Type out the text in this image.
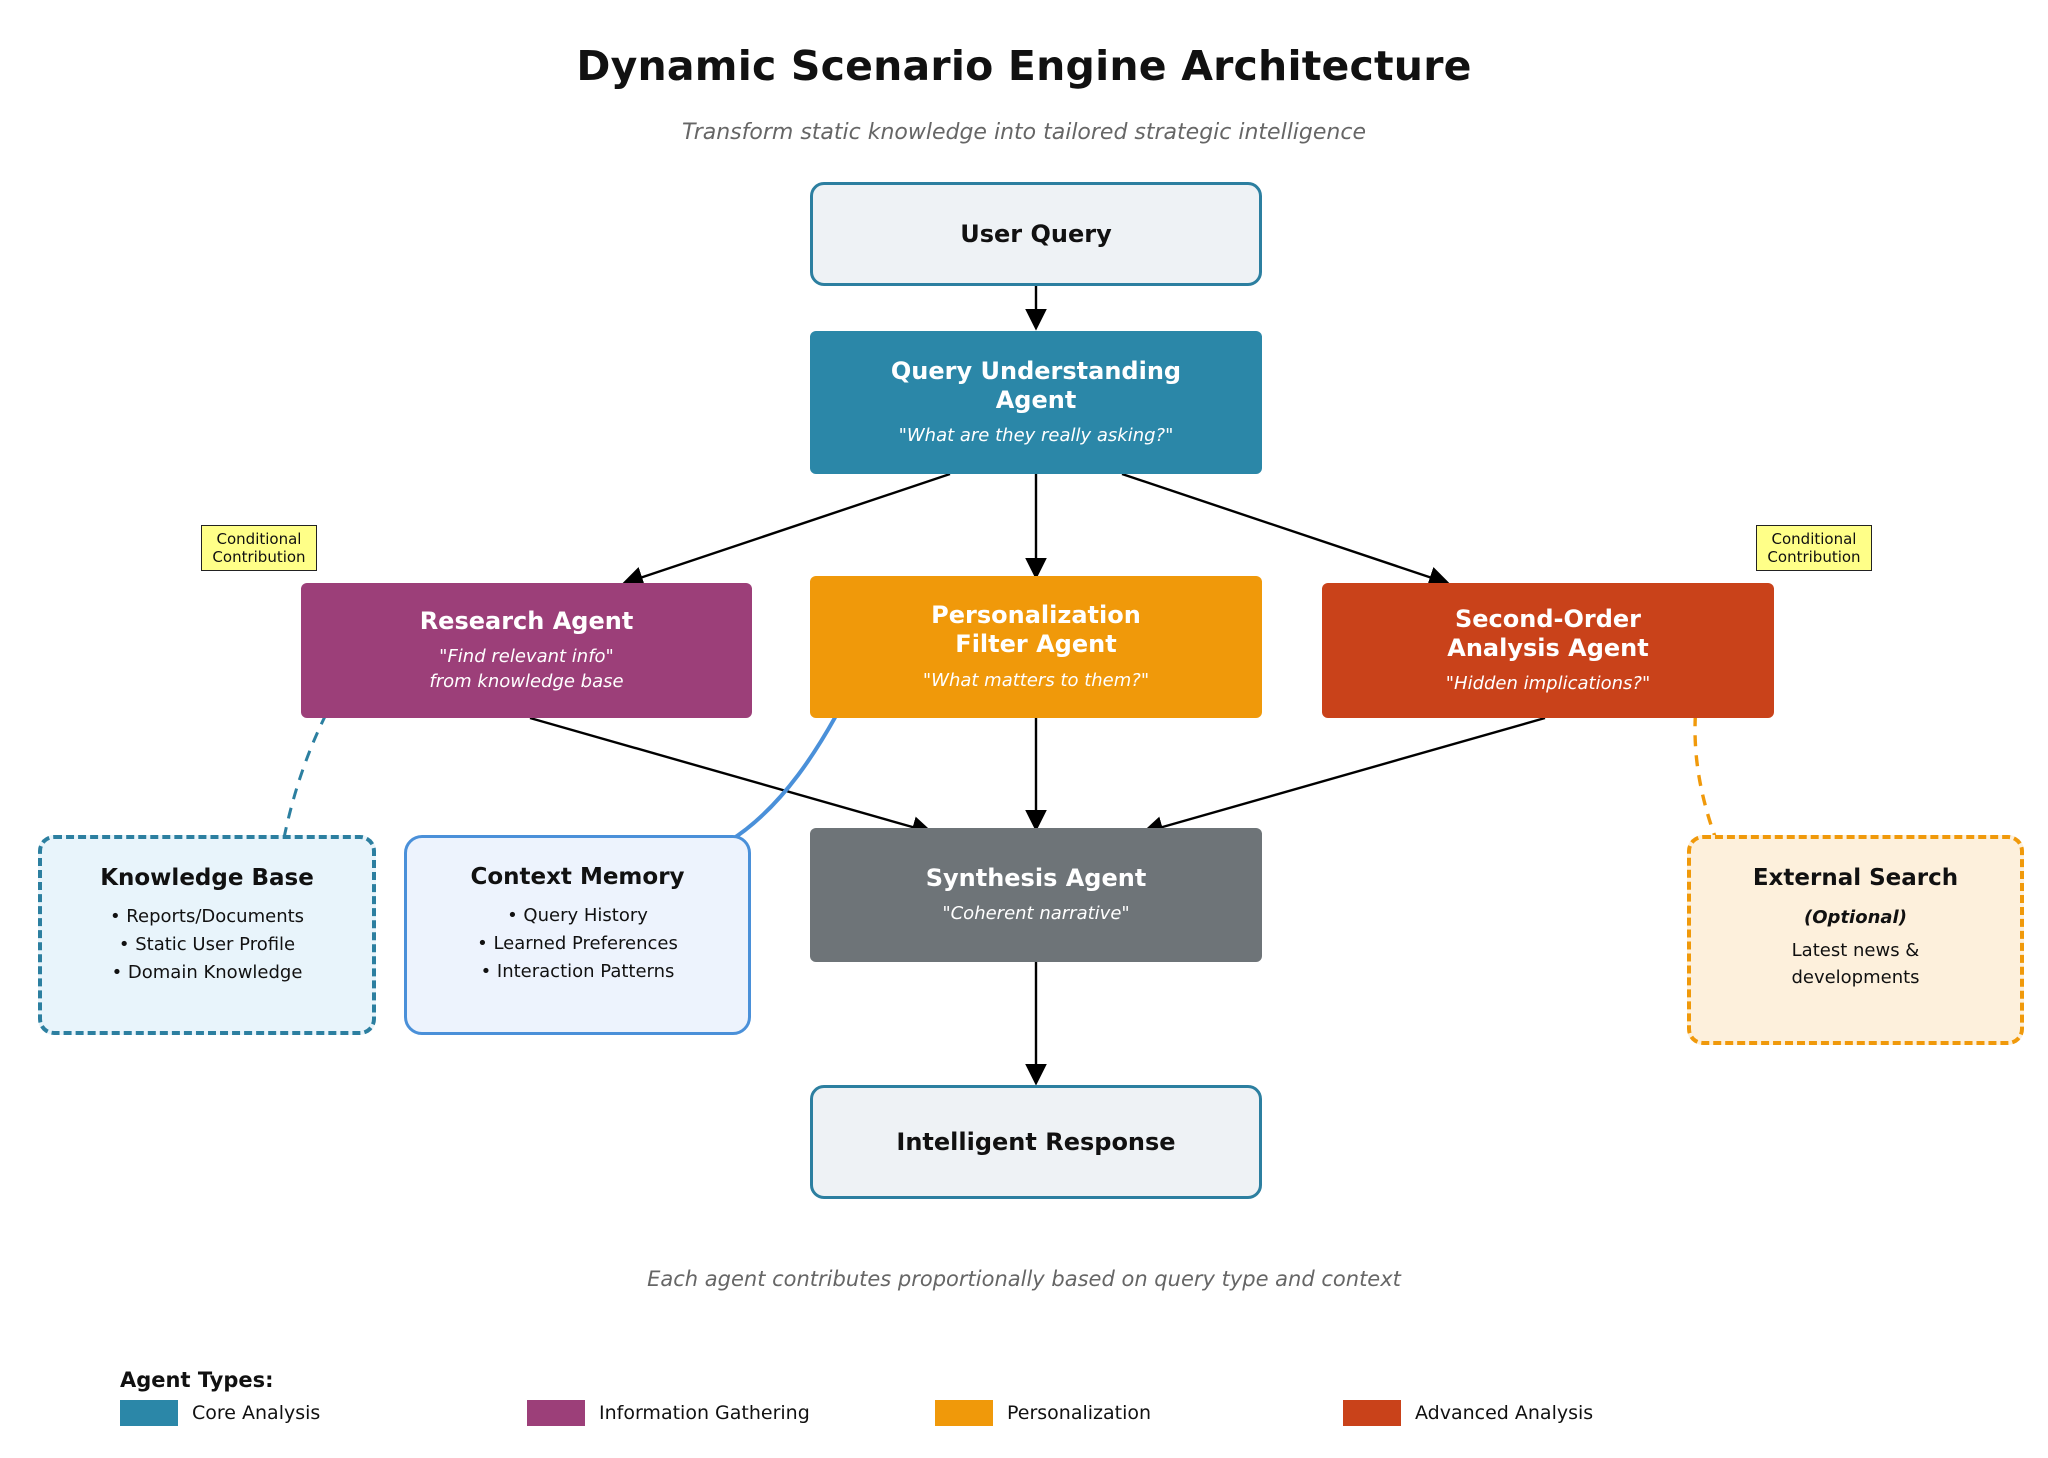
Dynamic Scenario Engine Architecture
Transform static knowledge into tailored strategic intelligence
User Query
Query Understanding
Agent
"What are they really asking?"
Research Agent
"Find relevant info"
from knowledge base
Personalization
Filter Agent
"What matters to them?"
Second-Order
Analysis Agent
"Hidden implications?"
Synthesis Agent
"Coherent narrative"
Intelligent Response
Knowledge Base
• Reports/Documents
• Static User Profile
• Domain Knowledge
Context Memory
• Query History
• Learned Preferences
• Interaction Patterns
External Search
(Optional)
Latest news &
developments
Conditional
Contribution
Conditional
Contribution
Each agent contributes proportionally based on query type and context
Agent Types:
Core Analysis	Information Gathering	Personalization	Advanced Analysis
